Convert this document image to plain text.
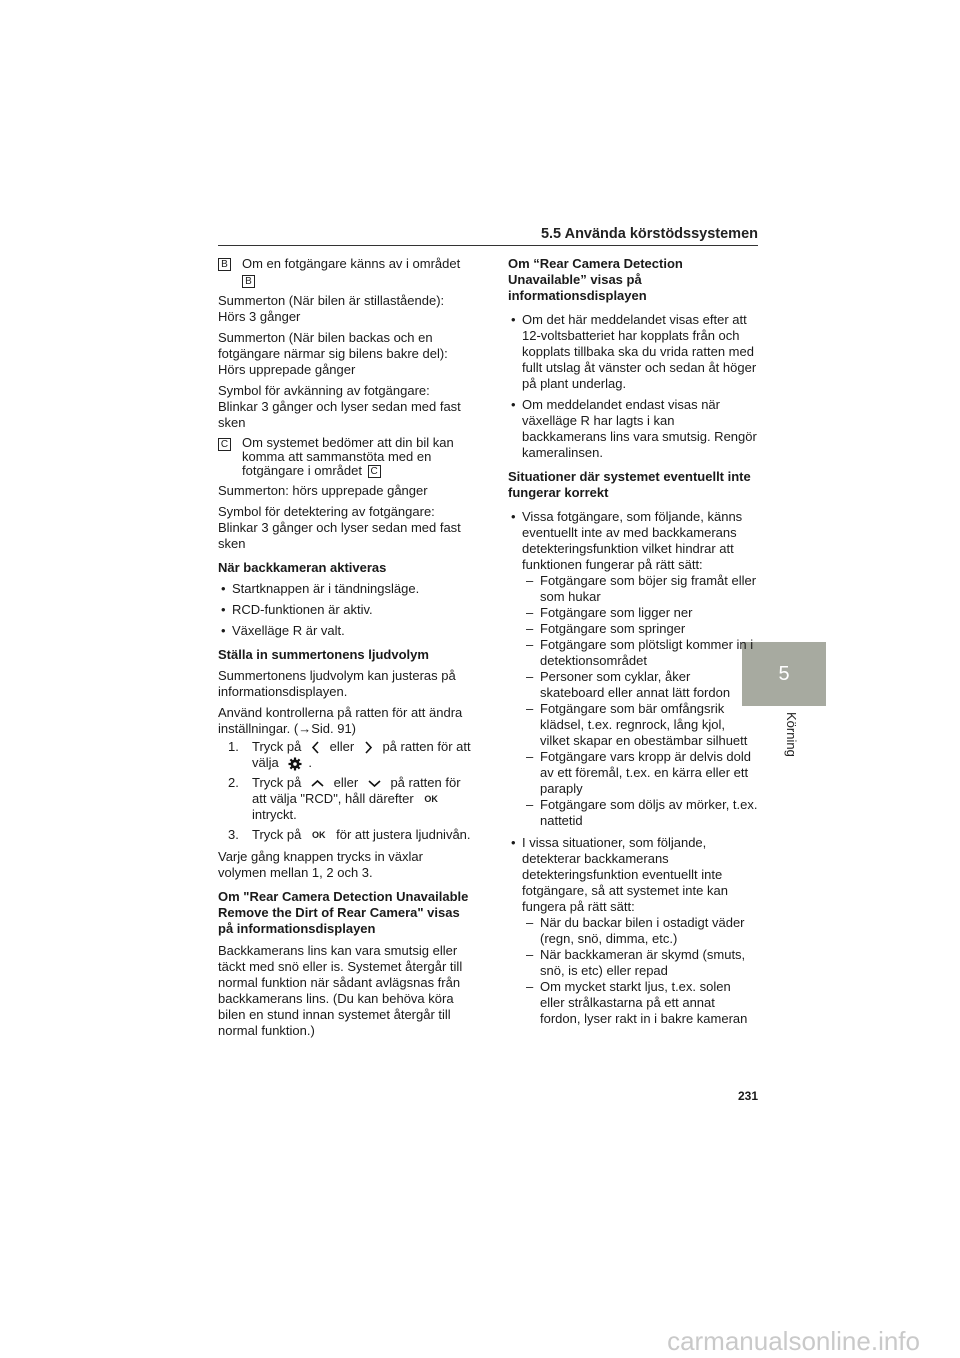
5.5 Använda körstödssystemen
5
Körning

B Om en fotgängare känns av i området
B

Summerton (När bilen är stillastående): Hörs 3 gånger

Summerton (När bilen backas och en fotgängare närmar sig bilens bakre del): Hörs upprepade gånger

Symbol för avkänning av fotgängare: Blinkar 3 gånger och lyser sedan med fast sken

C Om systemet bedömer att din bil kan komma att sammanstöta med en fotgängare i området C

Summerton: hörs upprepade gånger

Symbol för detektering av fotgängare: Blinkar 3 gånger och lyser sedan med fast sken

När backkameran aktiveras

• Startknappen är i tändningsläge.
• RCD-funktionen är aktiv.
• Växelläge R är valt.

Ställa in summertonens ljudvolym

Summertonens ljudvolym kan justeras på informationsdisplayen.

Använd kontrollerna på ratten för att ändra inställningar. (→Sid. 91)

1. Tryck på eller på ratten för att välja .
2. Tryck på eller på ratten för att välja "RCD", håll därefter OK intryckt.
3. Tryck på OK för att justera ljudnivån.

Varje gång knappen trycks in växlar volymen mellan 1, 2 och 3.

Om "Rear Camera Detection Unavailable Remove the Dirt of Rear Camera" visas på informationsdisplayen

Backkamerans lins kan vara smutsig eller täckt med snö eller is. Systemet återgår till normal funktion när sådant avlägsnas från backkamerans lins. (Du kan behöva köra bilen en stund innan systemet återgår till normal funktion.)

Om “Rear Camera Detection Unavailable” visas på informationsdisplayen

• Om det här meddelandet visas efter att 12-voltsbatteriet har kopplats från och kopplats tillbaka ska du vrida ratten med fullt utslag åt vänster och sedan åt höger på plant underlag.
• Om meddelandet endast visas när växelläge R har lagts i kan backkamerans lins vara smutsig. Rengör kameralinsen.

Situationer där systemet eventuellt inte fungerar korrekt

• Vissa fotgängare, som följande, känns eventuellt inte av med backkamerans detekteringsfunktion vilket hindrar att funktionen fungerar på rätt sätt:
– Fotgängare som böjer sig framåt eller som hukar
– Fotgängare som ligger ner
– Fotgängare som springer
– Fotgängare som plötsligt kommer in i detektionsområdet
– Personer som cyklar, åker skateboard eller annat lätt fordon
– Fotgängare som bär omfångsrik klädsel, t.ex. regnrock, lång kjol, vilket skapar en obestämbar silhuett
– Fotgängare vars kropp är delvis dold av ett föremål, t.ex. en kärra eller ett paraply
– Fotgängare som döljs av mörker, t.ex. nattetid
• I vissa situationer, som följande, detekterar backkamerans detekteringsfunktion eventuellt inte fotgängare, så att systemet inte kan fungera på rätt sätt:
– När du backar bilen i ostadigt väder (regn, snö, dimma, etc.)
– När backkameran är skymd (smuts, snö, is etc) eller repad
– Om mycket starkt ljus, t.ex. solen eller strålkastarna på ett annat fordon, lyser rakt in i bakre kameran
231
carmanualsonline.info
